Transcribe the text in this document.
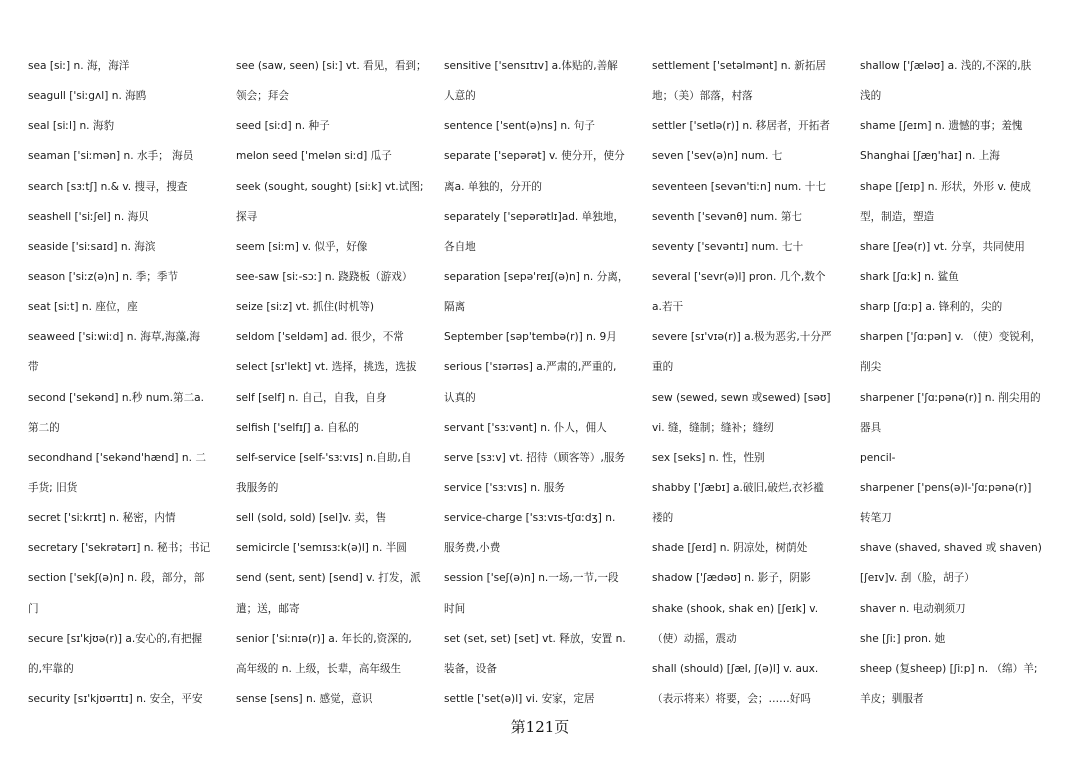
sea [siː] n. 海，海洋
seagull ['siːgʌl] n. 海鸥
seal [siːl] n. 海豹
seaman ['siːmən] n. 水手； 海员
search [sɜːtʃ] n.& v. 搜寻，搜查
seashell ['siːʃel] n. 海贝
seaside ['siːsaɪd] n. 海滨
season ['siːz(ə)n] n. 季；季节
seat [siːt] n. 座位，座
seaweed ['siːwiːd] n. 海草,海藻,海
带
second ['sekənd] n.秒 num.第二a.
第二的
secondhand ['sekənd'hænd] n. 二
手货; 旧货
secret ['siːkrɪt] n. 秘密，内情
secretary ['sekrətərɪ] n. 秘书；书记
section ['sekʃ(ə)n] n. 段，部分，部
门
secure [sɪ'kjʊə(r)] a.安心的,有把握
的,牢靠的
security [sɪ'kjʊərɪtɪ] n. 安全，平安
see (saw, seen) [siː] vt. 看见，看到；
领会；拜会
seed [siːd] n. 种子
melon seed ['melən siːd] 瓜子
seek (sought, sought) [siːk] vt.试图;
探寻
seem [siːm] v. 似乎，好像
see-saw [siː-sɔː] n. 跷跷板（游戏）
seize [siːz] vt. 抓住(时机等)
seldom ['seldəm] ad. 很少，不常
select [sɪ'lekt] vt. 选择，挑选，选拔
self [self] n. 自己，自我，自身
selfish ['selfɪʃ] a. 自私的
self-service [self-'sɜːvɪs] n.自助,自
我服务的
sell (sold, sold) [sel]v. 卖，售
semicircle ['semɪsɜːk(ə)l] n. 半圆
send (sent, sent) [send] v. 打发，派
遣；送，邮寄
senior ['siːnɪə(r)] a. 年长的,资深的,
高年级的 n. 上级，长辈，高年级生
sense [sens] n. 感觉，意识
sensitive ['sensɪtɪv] a.体贴的,善解
人意的
sentence ['sent(ə)ns] n. 句子
separate ['sepərət] v. 使分开，使分
离a. 单独的，分开的
separately ['sepərətlɪ]ad. 单独地，
各自地
separation [sepə'reɪʃ(ə)n] n. 分离，
隔离
September [səp'tembə(r)] n. 9月
serious ['sɪərɪəs] a.严肃的,严重的,
认真的
servant ['sɜːvənt] n. 仆人，佣人
serve [sɜːv] vt. 招待（顾客等）,服务
service ['sɜːvɪs] n. 服务
service-charge ['sɜːvɪs-tʃɑːdʒ] n.
服务费,小费
session ['seʃ(ə)n] n.一场,一节,一段
时间
set (set, set) [set] vt. 释放，安置 n.
装备，设备
settle ['set(ə)l] vi. 安家，定居
settlement ['setəlmənt] n. 新拓居
地；（美）部落，村落
settler ['setlə(r)] n. 移居者，开拓者
seven ['sev(ə)n] num. 七
seventeen [sevən'tiːn] num. 十七
seventh ['sevənθ] num. 第七
seventy ['sevəntɪ] num. 七十
several ['sevr(ə)l] pron. 几个,数个
a.若干
severe [sɪ'vɪə(r)] a.极为恶劣,十分严
重的
sew (sewed, sewn 或sewed) [səʊ]
vi. 缝，缝制；缝补；缝纫
sex [seks] n. 性，性别
shabby ['ʃæbɪ] a.破旧,破烂,衣衫褴
褛的
shade [ʃeɪd] n. 阴凉处，树荫处
shadow ['ʃædəʊ] n. 影子，阴影
shake (shook, shak en) [ʃeɪk] v.
（使）动摇，震动
shall (should) [ʃæl, ʃ(ə)l] v. aux.
（表示将来）将要，会；……好吗
shallow ['ʃæləʊ] a. 浅的,不深的,肤
浅的
shame [ʃeɪm] n. 遗憾的事；羞愧
Shanghai [ʃæŋ'haɪ] n. 上海
shape [ʃeɪp] n. 形状，外形 v. 使成
型，制造，塑造
share [ʃeə(r)] vt. 分享，共同使用
shark [ʃɑːk] n. 鲨鱼
sharp [ʃɑːp] a. 锋利的，尖的
sharpen ['ʃɑːpən] v. （使）变锐利，
削尖
sharpener ['ʃɑːpənə(r)] n. 削尖用的
器具
pencil-
sharpener ['pens(ə)l-'ʃɑːpənə(r)]
转笔刀
shave (shaved, shaved 或 shaven)
[ʃeɪv]v. 刮（脸，胡子）
shaver n. 电动剃须刀
she [ʃiː] pron. 她
sheep (复sheep) [ʃiːp] n. （绵）羊;
羊皮；驯服者
第121页
